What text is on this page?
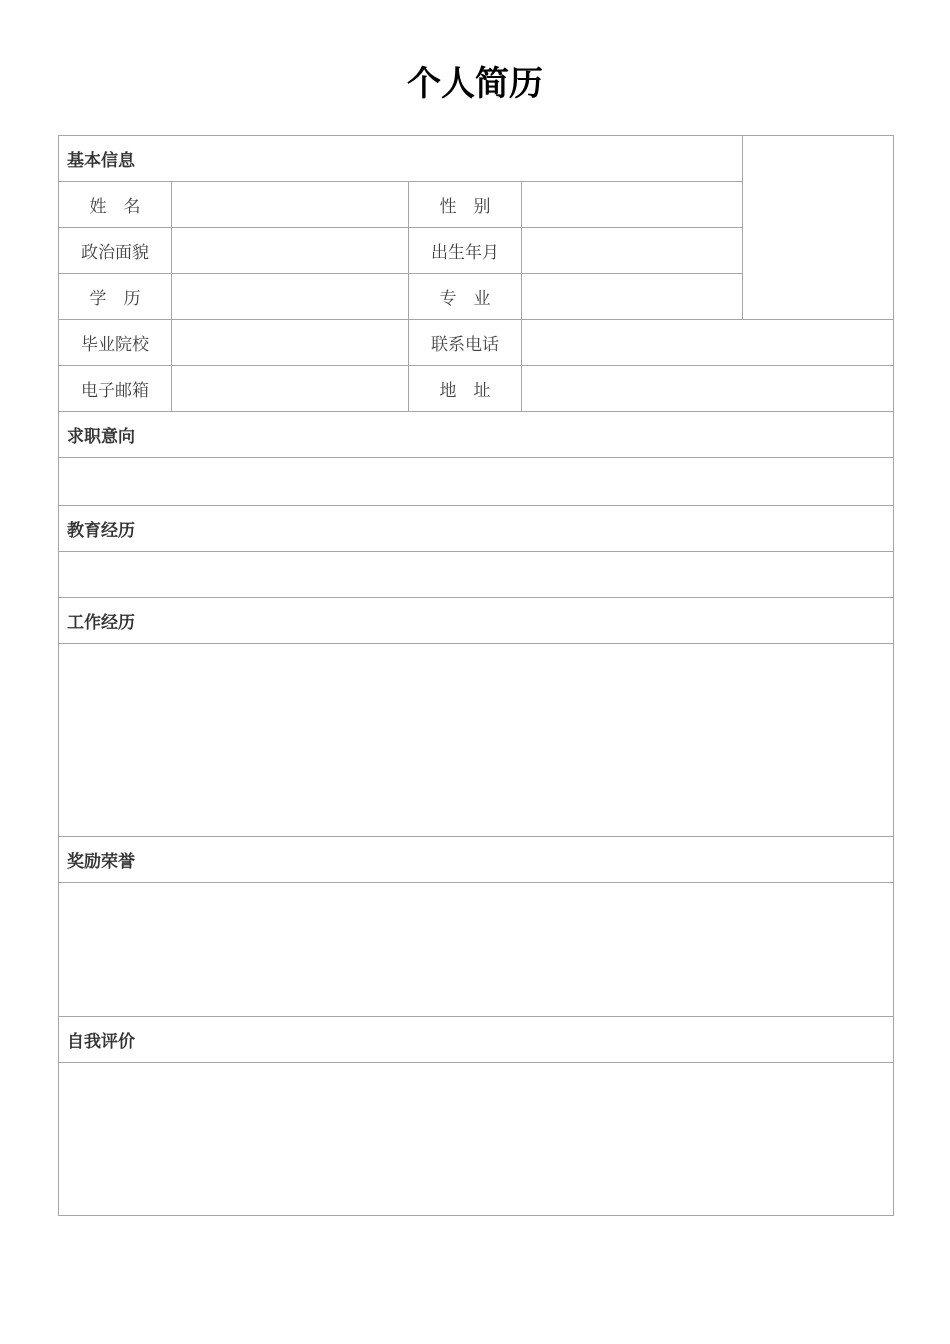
个人简历
基本信息				
姓　名		性　别		
政治面貌		出生年月		
学　历		专　业		
毕业院校		联系电话		
电子邮箱		地　址		
求职意向				

教育经历				

工作经历				

奖励荣誉				

自我评价				
